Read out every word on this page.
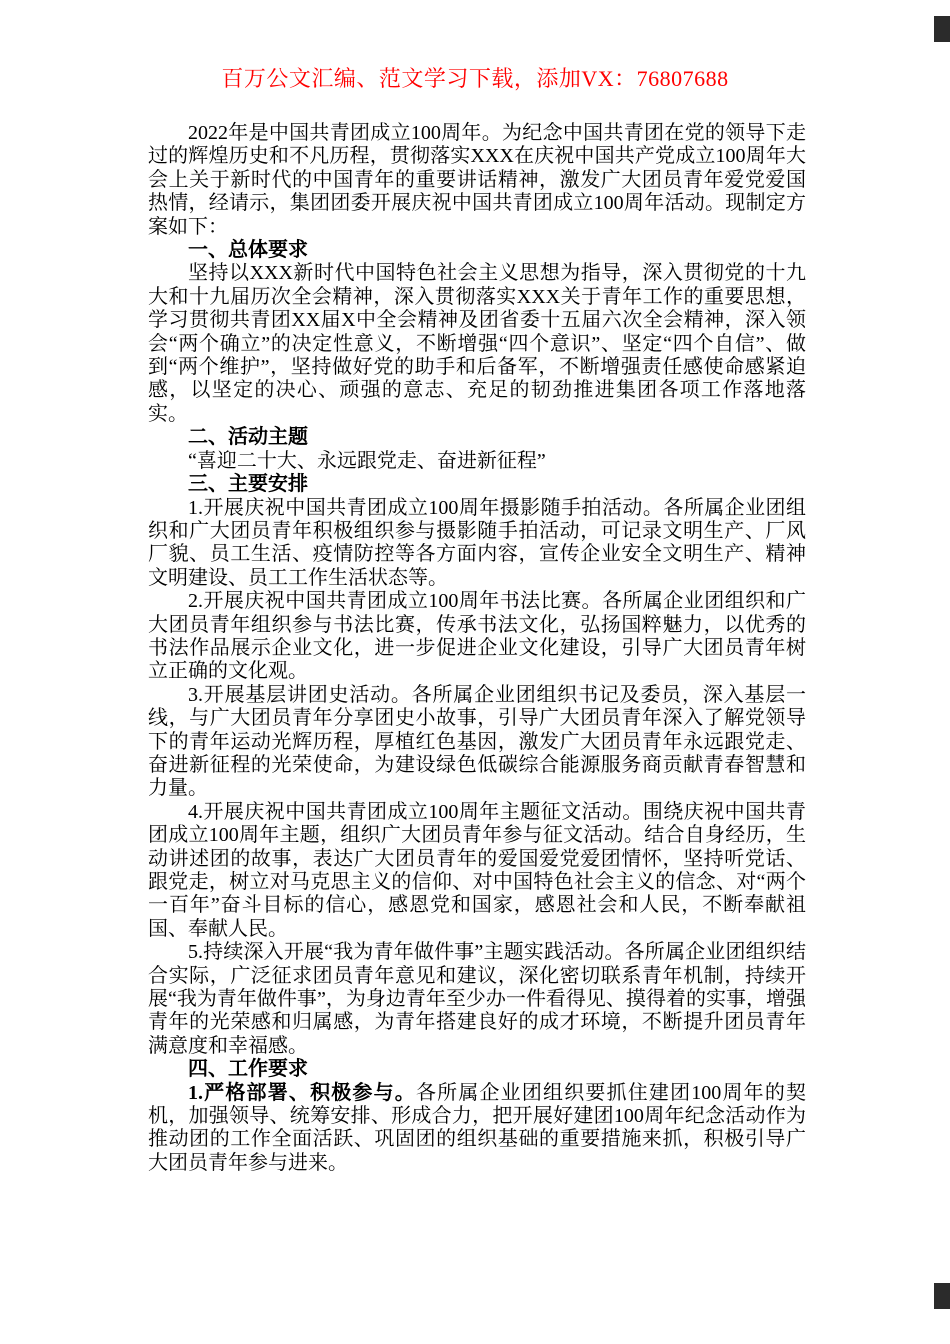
百万公文汇编、范文学习下载，添加VX：76807688

2022年是中国共青团成立100周年。为纪念中国共青团在党的领导下走过的辉煌历史和不凡历程，贯彻落实XXX在庆祝中国共产党成立100周年大会上关于新时代的中国青年的重要讲话精神，激发广大团员青年爱党爱国热情，经请示，集团团委开展庆祝中国共青团成立100周年活动。现制定方案如下：

一、总体要求

坚持以XXX新时代中国特色社会主义思想为指导，深入贯彻党的十九大和十九届历次全会精神，深入贯彻落实XXX关于青年工作的重要思想，学习贯彻共青团XX届X中全会精神及团省委十五届六次全会精神，深入领会“两个确立”的决定性意义，不断增强“四个意识”、坚定“四个自信”、做到“两个维护”，坚持做好党的助手和后备军，不断增强责任感使命感紧迫感，以坚定的决心、顽强的意志、充足的韧劲推进集团各项工作落地落实。

二、活动主题

“喜迎二十大、永远跟党走、奋进新征程”

三、主要安排

1.开展庆祝中国共青团成立100周年摄影随手拍活动。各所属企业团组织和广大团员青年积极组织参与摄影随手拍活动，可记录文明生产、厂风厂貌、员工生活、疫情防控等各方面内容，宣传企业安全文明生产、精神文明建设、员工工作生活状态等。

2.开展庆祝中国共青团成立100周年书法比赛。各所属企业团组织和广大团员青年组织参与书法比赛，传承书法文化，弘扬国粹魅力，以优秀的书法作品展示企业文化，进一步促进企业文化建设，引导广大团员青年树立正确的文化观。

3.开展基层讲团史活动。各所属企业团组织书记及委员，深入基层一线，与广大团员青年分享团史小故事，引导广大团员青年深入了解党领导下的青年运动光辉历程，厚植红色基因，激发广大团员青年永远跟党走、奋进新征程的光荣使命，为建设绿色低碳综合能源服务商贡献青春智慧和力量。

4.开展庆祝中国共青团成立100周年主题征文活动。围绕庆祝中国共青团成立100周年主题，组织广大团员青年参与征文活动。结合自身经历，生动讲述团的故事，表达广大团员青年的爱国爱党爱团情怀，坚持听党话、跟党走，树立对马克思主义的信仰、对中国特色社会主义的信念、对“两个一百年”奋斗目标的信心，感恩党和国家，感恩社会和人民，不断奉献祖国、奉献人民。

5.持续深入开展“我为青年做件事”主题实践活动。各所属企业团组织结合实际，广泛征求团员青年意见和建议，深化密切联系青年机制，持续开展“我为青年做件事”，为身边青年至少办一件看得见、摸得着的实事，增强青年的光荣感和归属感，为青年搭建良好的成才环境，不断提升团员青年满意度和幸福感。

四、工作要求

1.严格部署、积极参与。各所属企业团组织要抓住建团100周年的契机，加强领导、统筹安排、形成合力，把开展好建团100周年纪念活动作为推动团的工作全面活跃、巩固团的组织基础的重要措施来抓，积极引导广大团员青年参与进来。
